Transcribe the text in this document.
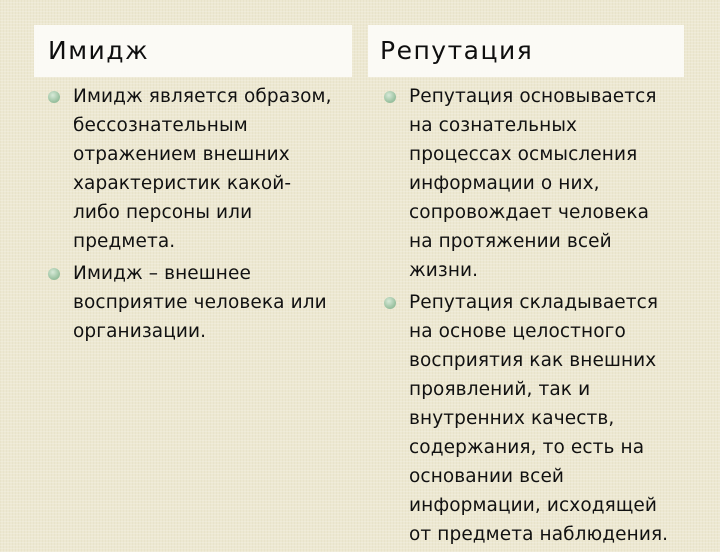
Имидж	Репутация
Имидж является образом,
бессознательным
отражением внешних
характеристик какой-
либо персоны или
предмета.
Имидж – внешнее
восприятие человека или
организации.
Репутация основывается
на сознательных
процессах осмысления
информации о них,
сопровождает человека
на протяжении всей
жизни.
Репутация складывается
на основе целостного
восприятия как внешних
проявлений, так и
внутренних качеств,
содержания, то есть на
основании всей
информации, исходящей
от предмета наблюдения.
